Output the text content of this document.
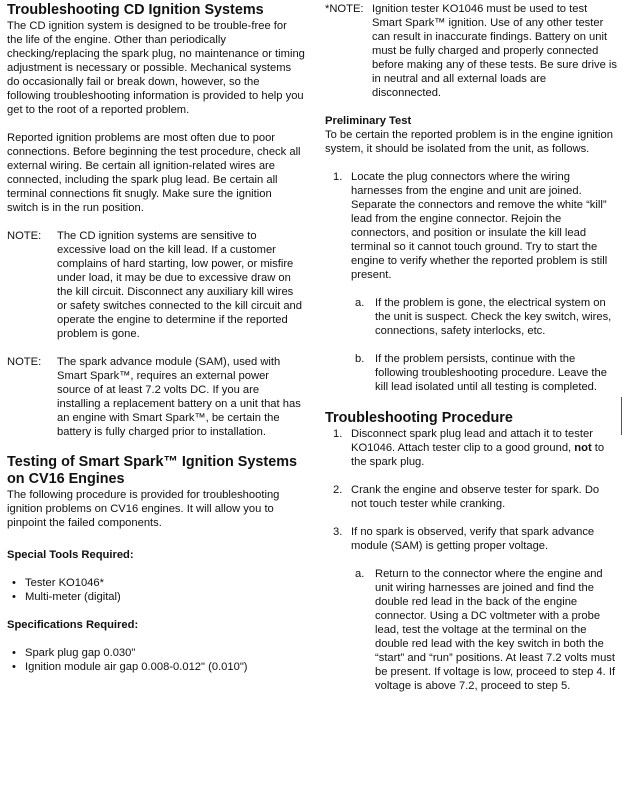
Troubleshooting CD Ignition Systems

The CD ignition system is designed to be trouble-free for the life of the engine. Other than periodically checking/replacing the spark plug, no maintenance or timing adjustment is necessary or possible. Mechanical systems do occasionally fail or break down, however, so the following troubleshooting information is provided to help you get to the root of a reported problem.

Reported ignition problems are most often due to poor connections. Before beginning the test procedure, check all external wiring. Be certain all ignition-related wires are connected, including the spark plug lead. Be certain all terminal connections fit snugly. Make sure the ignition switch is in the run position.

NOTE:	The CD ignition systems are sensitive to excessive load on the kill lead. If a customer complains of hard starting, low power, or misfire under load, it may be due to excessive draw on the kill circuit. Disconnect any auxiliary kill wires or safety switches connected to the kill circuit and operate the engine to determine if the reported problem is gone.
NOTE:	The spark advance module (SAM), used with Smart Spark™, requires an external power source of at least 7.2 volts DC. If you are installing a replacement battery on a unit that has an engine with Smart Spark™, be certain the battery is fully charged prior to installation.
Testing of Smart Spark™ Ignition Systems
on CV16 Engines

The following procedure is provided for troubleshooting ignition problems on CV16 engines. It will allow you to pinpoint the failed components.

Special Tools Required:
• Tester KO1046*
• Multi-meter (digital)
Specifications Required:
• Spark plug gap 0.030"
• Ignition module air gap 0.008-0.012" (0.010")
*NOTE: Ignition tester KO1046 must be used to test Smart Spark™ ignition. Use of any other tester can result in inaccurate findings. Battery on unit must be fully charged and properly connected before making any of these tests. Be sure drive is in neutral and all external loads are disconnected.
Preliminary Test

To be certain the reported problem is in the engine ignition system, it should be isolated from the unit, as follows.

1. Locate the plug connectors where the wiring harnesses from the engine and unit are joined. Separate the connectors and remove the white “kill” lead from the engine connector. Rejoin the connectors, and position or insulate the kill lead terminal so it cannot touch ground. Try to start the engine to verify whether the reported problem is still present.
a. If the problem is gone, the electrical system on the unit is suspect. Check the key switch, wires, connections, safety interlocks, etc.
b. If the problem persists, continue with the following troubleshooting procedure. Leave the kill lead isolated until all testing is completed.
Troubleshooting Procedure
1. Disconnect spark plug lead and attach it to tester KO1046. Attach tester clip to a good ground, not to the spark plug.
2. Crank the engine and observe tester for spark. Do not touch tester while cranking.
3. If no spark is observed, verify that spark advance module (SAM) is getting proper voltage.
a. Return to the connector where the engine and unit wiring harnesses are joined and find the double red lead in the back of the engine connector. Using a DC voltmeter with a probe lead, test the voltage at the terminal on the double red lead with the key switch in both the “start” and “run” positions. At least 7.2 volts must be present. If voltage is low, proceed to step 4. If voltage is above 7.2, proceed to step 5.
